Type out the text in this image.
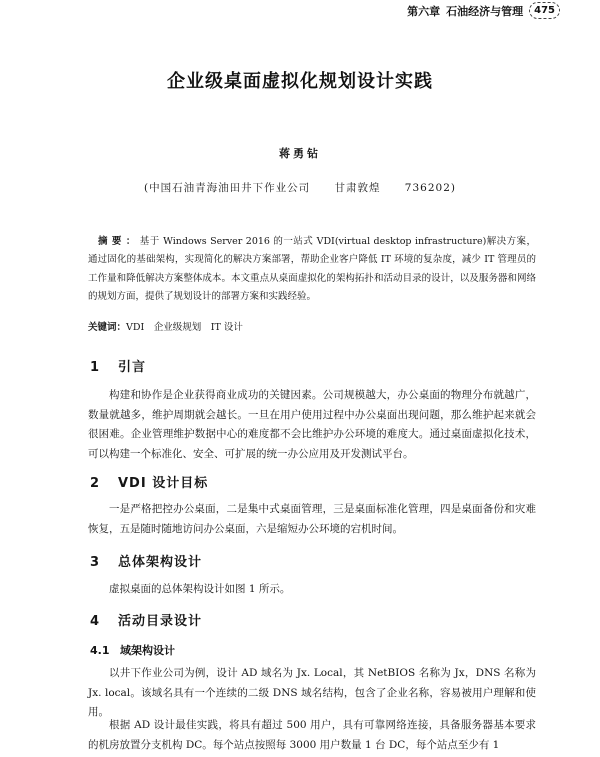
第六章 石油经济与管理	475
企业级桌面虚拟化规划设计实践
蒋勇钻
(中国石油青海油田井下作业公司 甘肃敦煌 736202)
摘要：基于 Windows Server 2016 的一站式 VDI(virtual desktop infrastructure)解决方案，通过固化的基础架构，实现简化的解决方案部署，帮助企业客户降低 IT 环境的复杂度，减少 IT 管理员的工作量和降低解决方案整体成本。本文重点从桌面虚拟化的架构拓扑和活动目录的设计，以及服务器和网络的规划方面，提供了规划设计的部署方案和实践经验。
关键词：VDI　企业级规划　IT 设计
1 引言
构建和协作是企业获得商业成功的关键因素。公司规模越大，办公桌面的物理分布就越广，数量就越多，维护周期就会越长。一旦在用户使用过程中办公桌面出现问题，那么维护起来就会很困难。企业管理维护数据中心的难度都不会比维护办公环境的难度大。通过桌面虚拟化技术，可以构建一个标准化、安全、可扩展的统一办公应用及开发测试平台。
2 VDI 设计目标
一是严格把控办公桌面，二是集中式桌面管理，三是桌面标准化管理，四是桌面备份和灾难恢复，五是随时随地访问办公桌面，六是缩短办公环境的宕机时间。
3 总体架构设计
虚拟桌面的总体架构设计如图 1 所示。
4 活动目录设计
4.1 域架构设计
以井下作业公司为例，设计 AD 域名为 Jx. Local，其 NetBIOS 名称为 Jx，DNS 名称为 Jx. local。该域名具有一个连续的二级 DNS 域名结构，包含了企业名称，容易被用户理解和使用。
根据 AD 设计最佳实践，将具有超过 500 用户，具有可靠网络连接，具备服务器基本要求的机房放置分支机构 DC。每个站点按照每 3000 用户数量 1 台 DC，每个站点至少有 1
